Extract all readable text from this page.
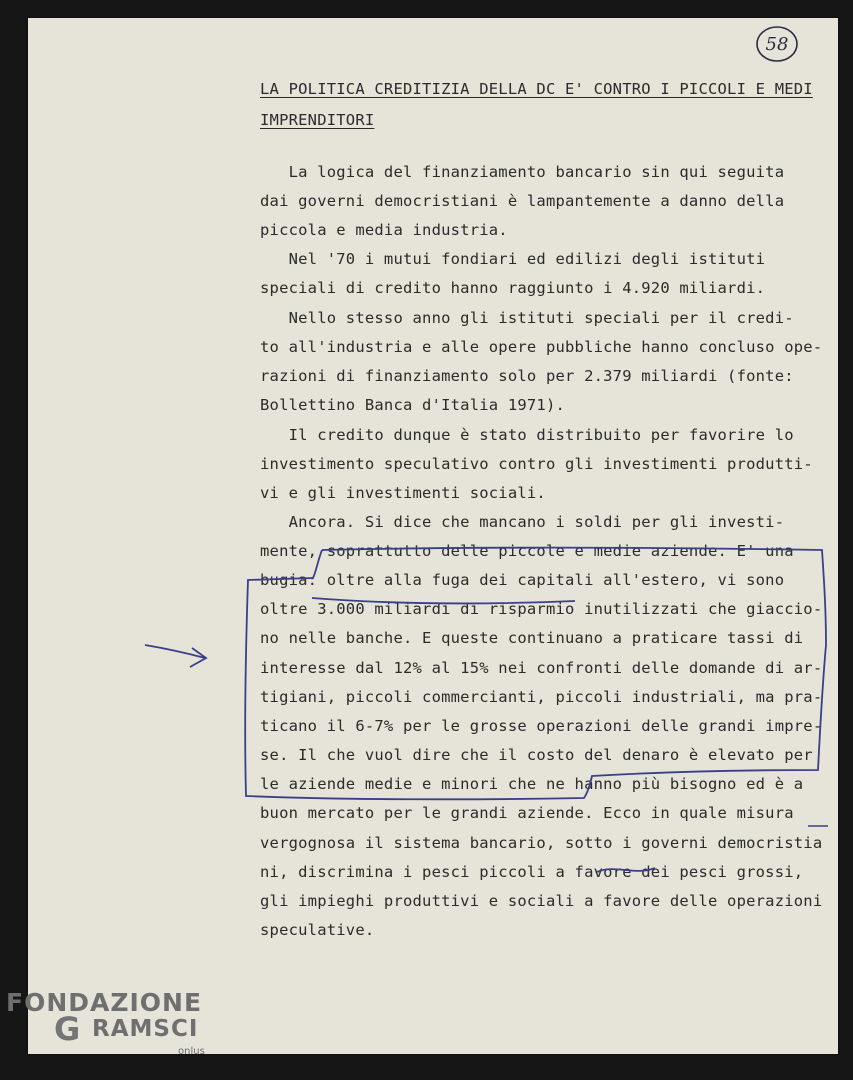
58
LA POLITICA CREDITIZIA DELLA DC E' CONTRO I PICCOLI E MEDI
IMPRENDITORI
La logica del finanziamento bancario sin qui seguita
dai governi democristiani è lampantemente a danno della
piccola e media industria.
Nel '70 i mutui fondiari ed edilizi degli istituti
speciali di credito hanno raggiunto i 4.920 miliardi.
Nello stesso anno gli istituti speciali per il credi-
to all'industria e alle opere pubbliche hanno concluso ope-
razioni di finanziamento solo per 2.379 miliardi (fonte:
Bollettino Banca d'Italia 1971).
Il credito dunque è stato distribuito per favorire lo
investimento speculativo contro gli investimenti produtti-
vi e gli investimenti sociali.
Ancora. Si dice che mancano i soldi per gli investi-
mente, soprattutto delle piccole e medie aziende. E' una
bugia: oltre alla fuga dei capitali all'estero, vi sono
oltre 3.000 miliardi di risparmio inutilizzati che giaccio-
no nelle banche. E queste continuano a praticare tassi di
interesse dal 12% al 15% nei confronti delle domande di ar-
tigiani, piccoli commercianti, piccoli industriali, ma pra-
ticano il 6-7% per le grosse operazioni delle grandi impre-
se. Il che vuol dire che il costo del denaro è elevato per
le aziende medie e minori che ne hanno più bisogno ed è a
buon mercato per le grandi aziende. Ecco in quale misura
vergognosa il sistema bancario, sotto i governi democristia
ni, discrimina i pesci piccoli a favore dei pesci grossi,
gli impieghi produttivi e sociali a favore delle operazioni
speculative.
FONDAZIONE
G RAMSCI
onlus
